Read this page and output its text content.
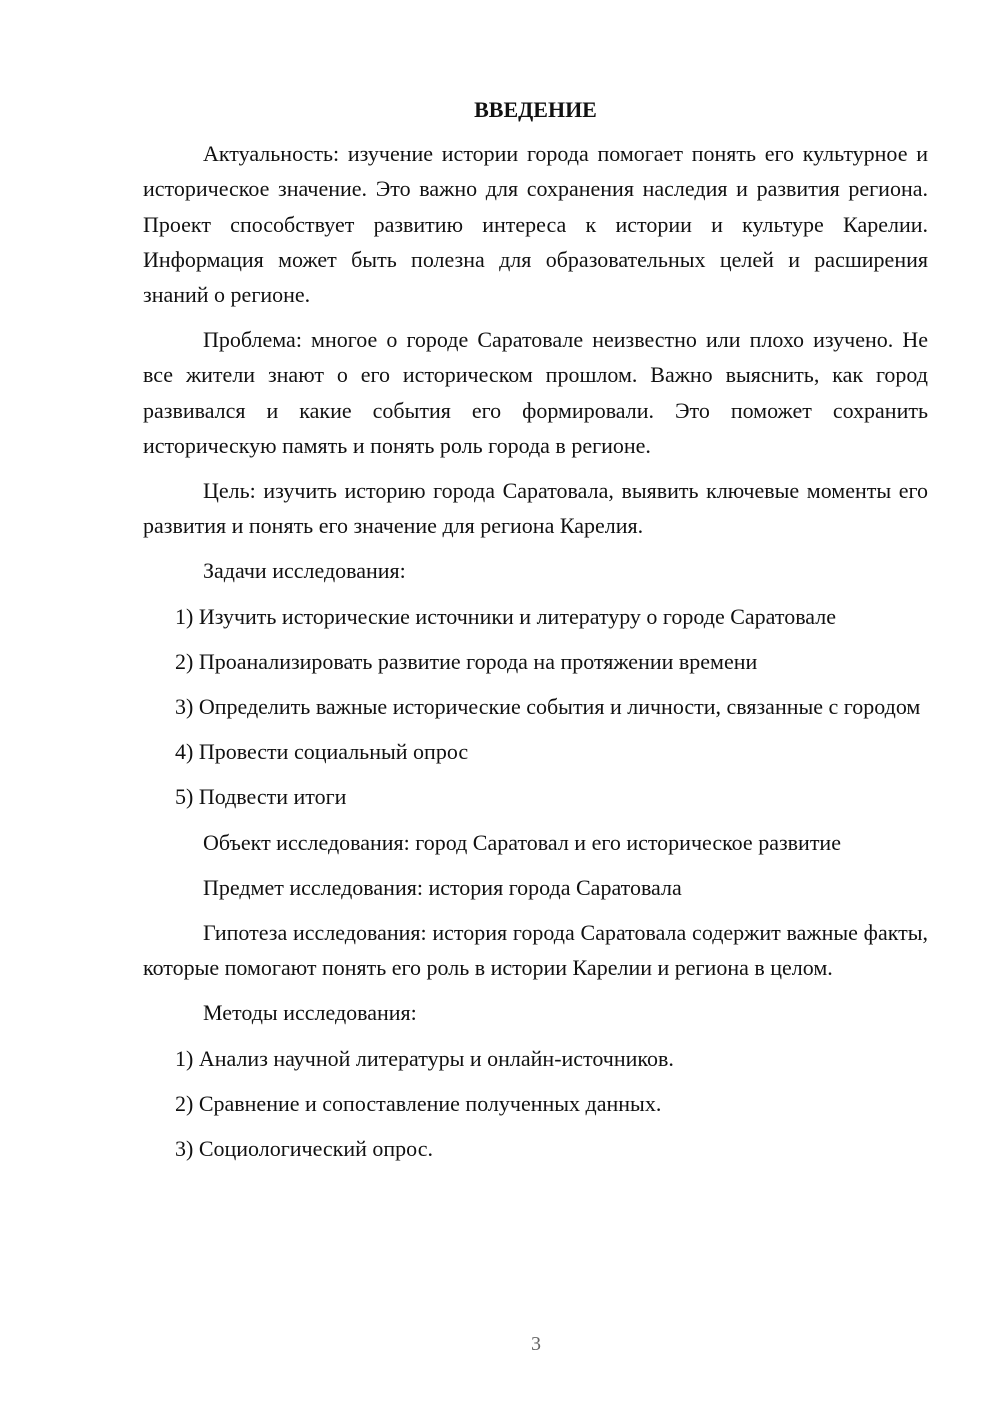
ВВЕДЕНИЕ

Актуальность: изучение истории города помогает понять его культурное и историческое значение. Это важно для сохранения наследия и развития региона. Проект способствует развитию интереса к истории и культуре Карелии. Информация может быть полезна для образовательных целей и расширения знаний о регионе.

Проблема: многое о городе Саратовале неизвестно или плохо изучено. Не все жители знают о его историческом прошлом. Важно выяснить, как город развивался и какие события его формировали. Это поможет сохранить историческую память и понять роль города в регионе.

Цель: изучить историю города Саратовала, выявить ключевые моменты его развития и понять его значение для региона Карелия.

Задачи исследования:

1) Изучить исторические источники и литературу о городе Саратовале

2) Проанализировать развитие города на протяжении времени

3) Определить важные исторические события и личности, связанные с городом

4) Провести социальный опрос

5) Подвести итоги

Объект исследования: город Саратовал и его историческое развитие

Предмет исследования: история города Саратовала

Гипотеза исследования: история города Саратовала содержит важные факты, которые помогают понять его роль в истории Карелии и региона в целом.

Методы исследования:

1) Анализ научной литературы и онлайн-источников.

2) Сравнение и сопоставление полученных данных.

3) Социологический опрос.

3
